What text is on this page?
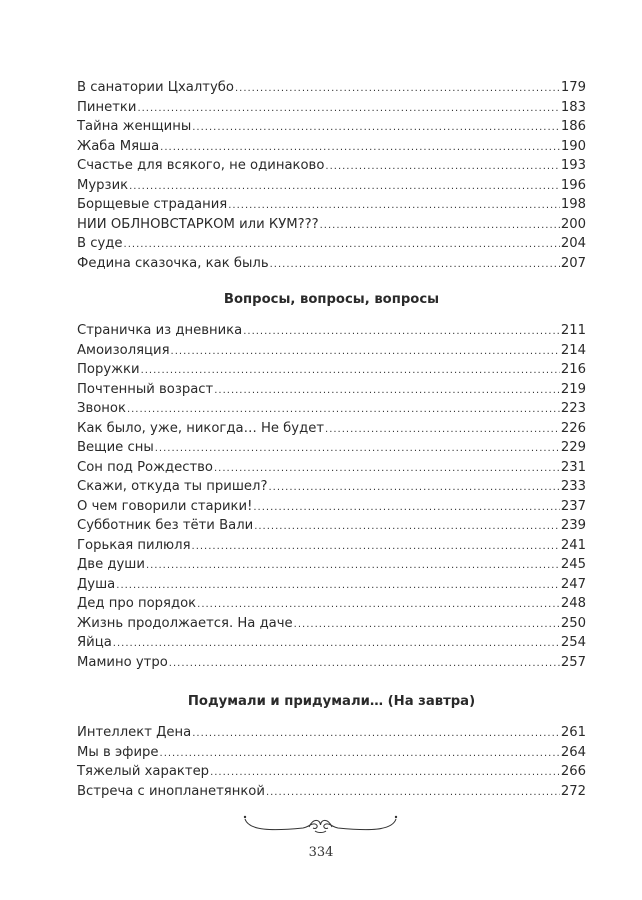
В санатории Цхалтубо .....	179
Пинетки .....	183
Тайна женщины .....	186
Жаба Мяша .....	190
Счастье для всякого, не одинаково .....	193
Мурзик .....	196
Борщевые страдания .....	198
НИИ ОБЛНОВСТАРКОМ или КУМ??? .....	200
В суде .....	204
Федина сказочка, как быль .....	207
Вопросы, вопросы, вопросы
Страничка из дневника .....	211
Амоизоляция .....	214
Поружки .....	216
Почтенный возраст .....	219
Звонок .....	223
Как было, уже, никогда… Не будет .....	226
Вещие сны .....	229
Сон под Рождество .....	231
Скажи, откуда ты пришел? .....	233
О чем говорили старики! .....	237
Субботник без тёти Вали .....	239
Горькая пилюля .....	241
Две души .....	245
Душа .....	247
Дед про порядок .....	248
Жизнь продолжается. На даче .....	250
Яйца .....	254
Мамино утро .....	257
Подумали и придумали… (На завтра)
Интеллект Дена .....	261
Мы в эфире .....	264
Тяжелый характер .....	266
Встреча с инопланетянкой .....	272
334
